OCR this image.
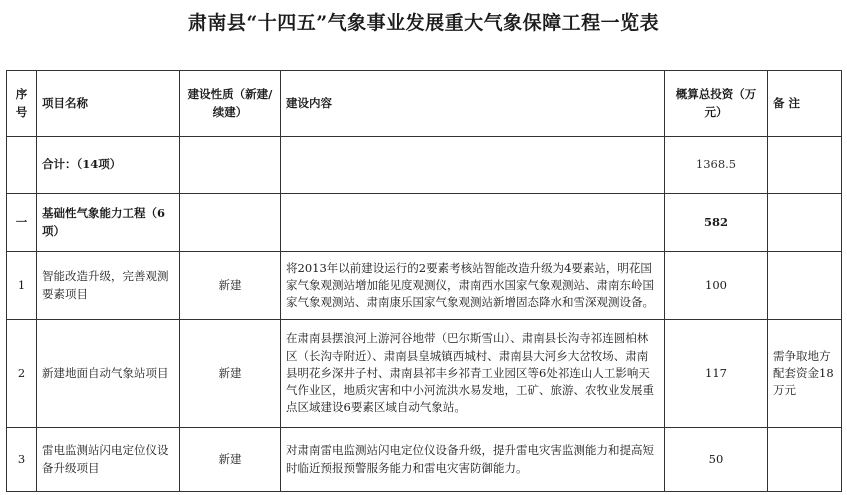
肃南县“十四五”气象事业发展重大气象保障工程一览表
序号	项目名称	建设性质（新建/续建）	建设内容	概算总投资（万元）	备 注
	合计：（14项）			1368.5	
一	基础性气象能力工程（6项）			582	
1	智能改造升级，完善观测要素项目	新建	将2013年以前建设运行的2要素考核站智能改造升级为4要素站，明花国家气象观测站增加能见度观测仪，肃南西水国家气象观测站、肃南东岭国家气象观测站、肃南康乐国家气象观测站新增固态降水和雪深观测设备。	100	
2	新建地面自动气象站项目	新建	在肃南县摆浪河上游河谷地带（巴尔斯雪山）、肃南县长沟寺祁连圆柏林区（长沟寺附近）、肃南县皇城镇西城村、肃南县大河乡大岔牧场、肃南县明花乡深井子村、肃南县祁丰乡祁青工业园区等6处祁连山人工影响天气作业区，地质灾害和中小河流洪水易发地，工矿、旅游、农牧业发展重点区域建设6要素区域自动气象站。	117	需争取地方配套资金18万元
3	雷电监测站闪电定位仪设备升级项目	新建	对肃南雷电监测站闪电定位仪设备升级，提升雷电灾害监测能力和提高短时临近预报预警服务能力和雷电灾害防御能力。	50	
